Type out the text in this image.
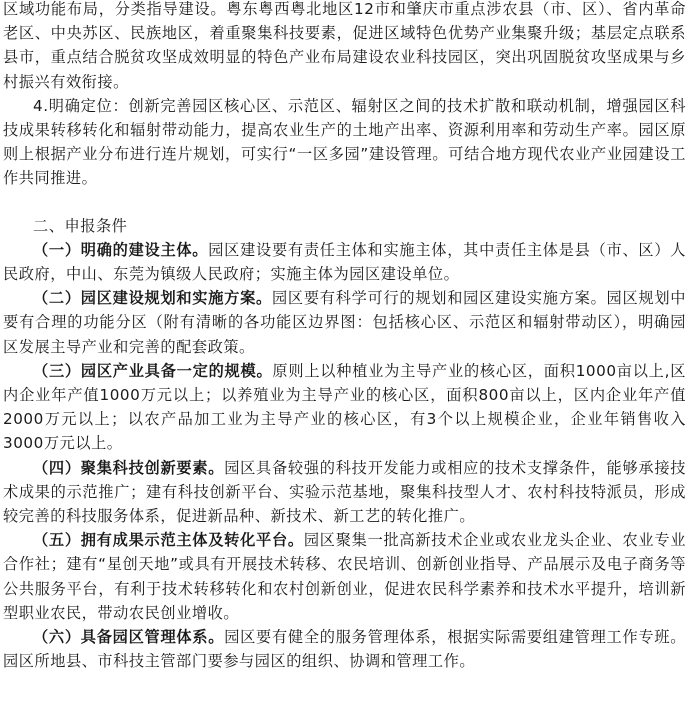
区域功能布局，分类指导建设。粤东粤西粤北地区12市和肇庆市重点涉农县（市、区）、省内革命老区、中央苏区、民族地区，着重聚集科技要素，促进区域特色优势产业集聚升级；基层定点联系县市，重点结合脱贫攻坚成效明显的特色产业布局建设农业科技园区，突出巩固脱贫攻坚成果与乡村振兴有效衔接。

4.明确定位：创新完善园区核心区、示范区、辐射区之间的技术扩散和联动机制，增强园区科技成果转移转化和辐射带动能力，提高农业生产的土地产出率、资源利用率和劳动生产率。园区原则上根据产业分布进行连片规划，可实行“一区多园”建设管理。可结合地方现代农业产业园建设工作共同推进。

二、申报条件

（一）明确的建设主体。园区建设要有责任主体和实施主体，其中责任主体是县（市、区）人民政府，中山、东莞为镇级人民政府；实施主体为园区建设单位。

（二）园区建设规划和实施方案。园区要有科学可行的规划和园区建设实施方案。园区规划中要有合理的功能分区（附有清晰的各功能区边界图：包括核心区、示范区和辐射带动区），明确园区发展主导产业和完善的配套政策。

（三）园区产业具备一定的规模。原则上以种植业为主导产业的核心区，面积1000亩以上,区内企业年产值1000万元以上；以养殖业为主导产业的核心区，面积800亩以上，区内企业年产值2000万元以上；以农产品加工业为主导产业的核心区，有3个以上规模企业，企业年销售收入3000万元以上。

（四）聚集科技创新要素。园区具备较强的科技开发能力或相应的技术支撑条件，能够承接技术成果的示范推广；建有科技创新平台、实验示范基地，聚集科技型人才、农村科技特派员，形成较完善的科技服务体系，促进新品种、新技术、新工艺的转化推广。

（五）拥有成果示范主体及转化平台。园区聚集一批高新技术企业或农业龙头企业、农业专业合作社；建有“星创天地”或具有开展技术转移、农民培训、创新创业指导、产品展示及电子商务等公共服务平台，有利于技术转移转化和农村创新创业，促进农民科学素养和技术水平提升，培训新型职业农民，带动农民创业增收。

（六）具备园区管理体系。园区要有健全的服务管理体系，根据实际需要组建管理工作专班。园区所地县、市科技主管部门要参与园区的组织、协调和管理工作。
